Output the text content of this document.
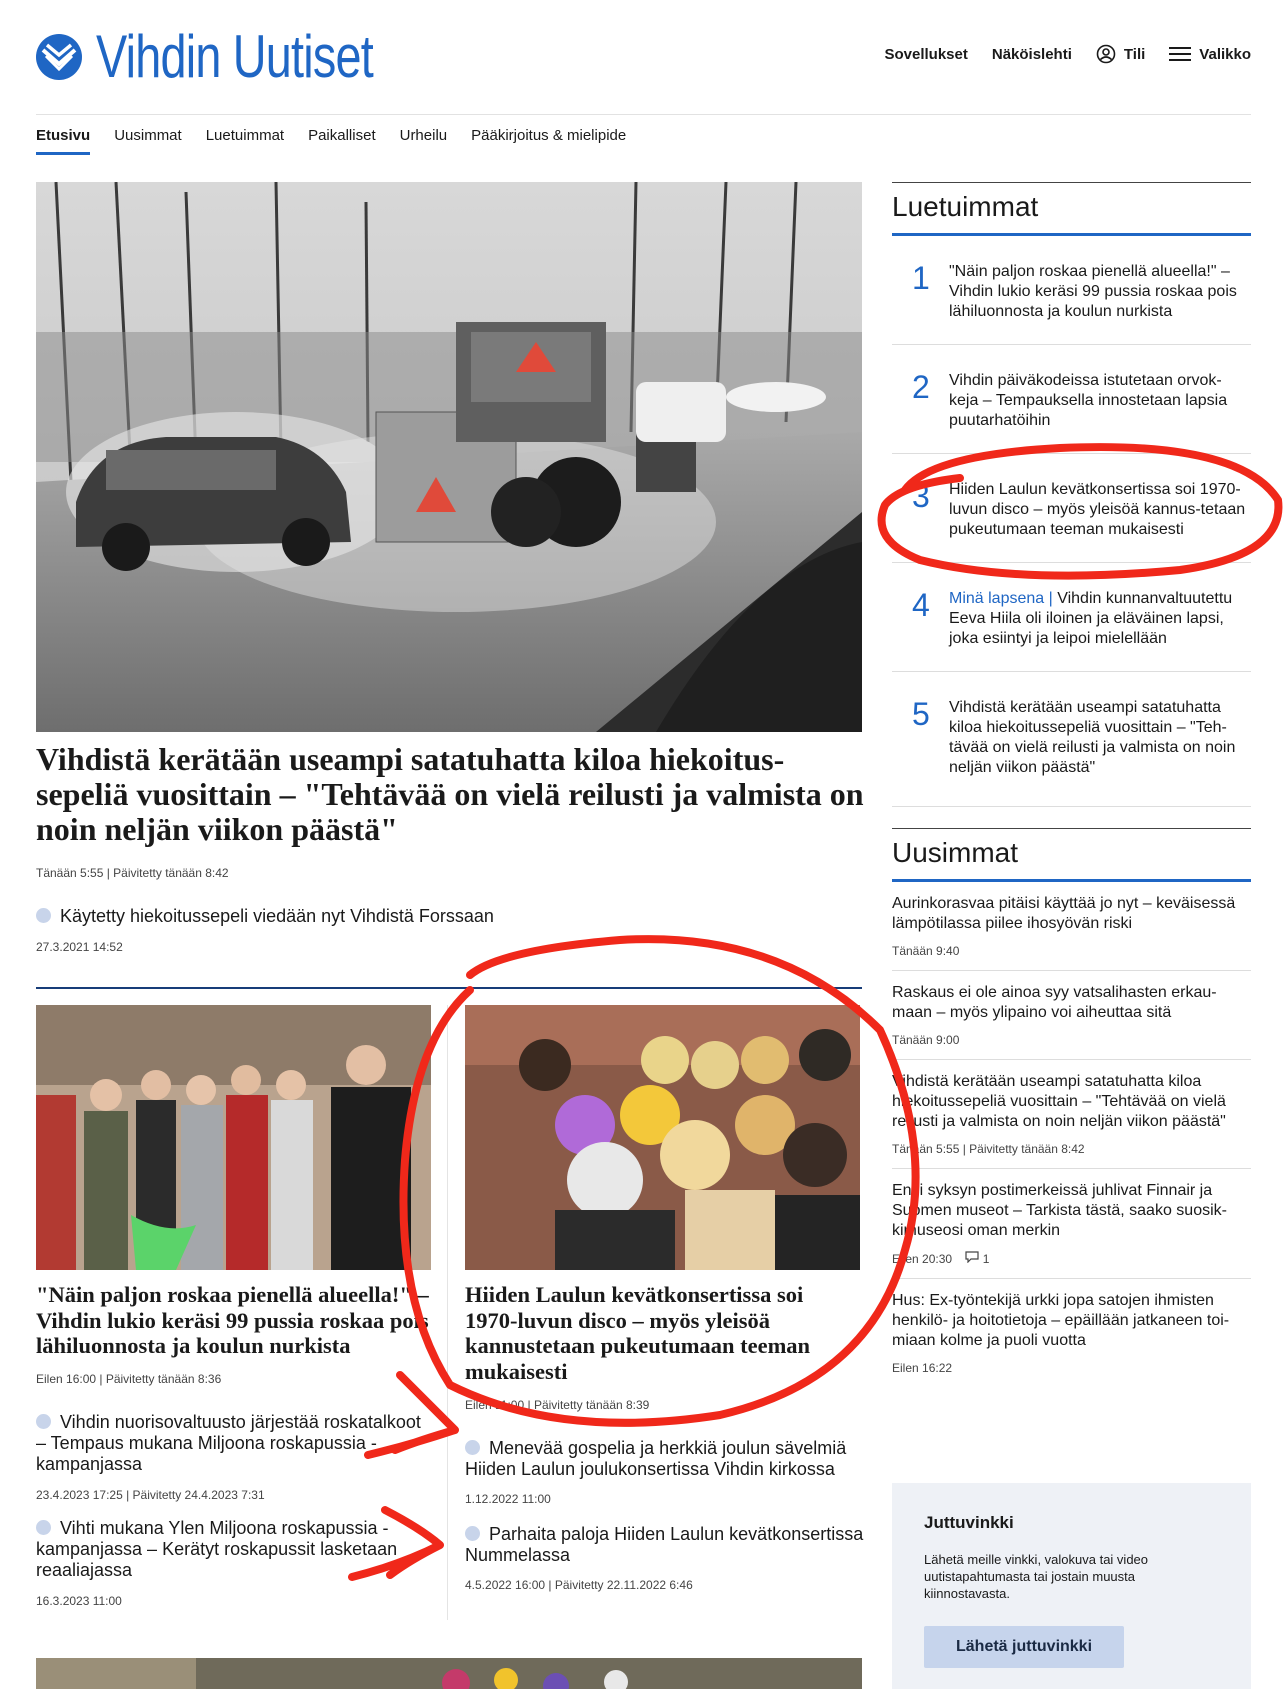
Vihdin Uutiset	Sovellukset Näköislehti	Tili	Valikko
Etusivu Uusimmat Luetuimmat Paikalliset Urheilu Pääkirjoitus & mielipide
Vihdistä kerätään useampi satatuhatta kiloa hiekoitus-sepeliä vuosittain – "Tehtävää on vielä reilusti ja valmista on noin neljän viikon päästä"
Tänään 5:55 | Päivitetty tänään 8:42
Käytetty hiekoitussepeli viedään nyt Vihdistä Forssaan
27.3.2021 14:52
"Näin paljon roskaa pienellä alueella!" – Vihdin lukio keräsi 99 pussia roskaa pois lähiluonnosta ja koulun nurkista
Eilen 16:00 | Päivitetty tänään 8:36
Vihdin nuorisovaltuusto järjestää roskatalkoot – Tempaus mukana Miljoona roskapussia -kampanjassa
23.4.2023 17:25 | Päivitetty 24.4.2023 7:31
Vihti mukana Ylen Miljoona roskapussia -kampanjassa – Kerätyt roskapussit lasketaan reaaliajassa
16.3.2023 11:00
Hiiden Laulun kevätkonsertissa soi 1970-luvun disco – myös yleisöä kannustetaan pukeutumaan teeman mukaisesti
Eilen 11:00 | Päivitetty tänään 8:39
Menevää gospelia ja herkkiä joulun sävelmiä Hiiden Laulun joulukonsertissa Vihdin kirkossa
1.12.2022 11:00
Parhaita paloja Hiiden Laulun kevätkonsertissa Nummelassa
4.5.2022 16:00 | Päivitetty 22.11.2022 6:46
Luetuimmat
1 "Näin paljon roskaa pienellä alueella!" – Vihdin lukio keräsi 99 pussia roskaa pois lähiluonnosta ja koulun nurkista
2 Vihdin päiväkodeissa istutetaan orvok-keja – Tempauksella innostetaan lapsia puutarhatöihin
3 Hiiden Laulun kevätkonsertissa soi 1970-luvun disco – myös yleisöä kannus-tetaan pukeutumaan teeman mukaisesti
4 Minä lapsena | Vihdin kunnanvaltuutettu Eeva Hiila oli iloinen ja eläväinen lapsi, joka esiintyi ja leipoi mielellään
5 Vihdistä kerätään useampi satatuhatta kiloa hiekoitussepeliä vuosittain – "Teh-tävää on vielä reilusti ja valmista on noin neljän viikon päästä"
Uusimmat
Aurinkorasvaa pitäisi käyttää jo nyt – keväisessä lämpötilassa piilee ihosyövän riski
Tänään 9:40
Raskaus ei ole ainoa syy vatsalihasten erkau-maan – myös ylipaino voi aiheuttaa sitä
Tänään 9:00
Vihdistä kerätään useampi satatuhatta kiloa hiekoitussepeliä vuosittain – "Tehtävää on vielä reilusti ja valmista on noin neljän viikon päästä"
Tänään 5:55 | Päivitetty tänään 8:42
Ensi syksyn postimerkeissä juhlivat Finnair ja Suomen museot – Tarkista tästä, saako suosik-kimuseosi oman merkin
Eilen 20:30	1
Hus: Ex-työntekijä urkki jopa satojen ihmisten henkilö- ja hoitotietoja – epäillään jatkaneen toi-miaan kolme ja puoli vuotta
Eilen 16:22
Juttuvinkki

Lähetä meille vinkki, valokuva tai video uutistapahtumasta tai jostain muusta kiinnostavasta.

Lähetä juttuvinkki
